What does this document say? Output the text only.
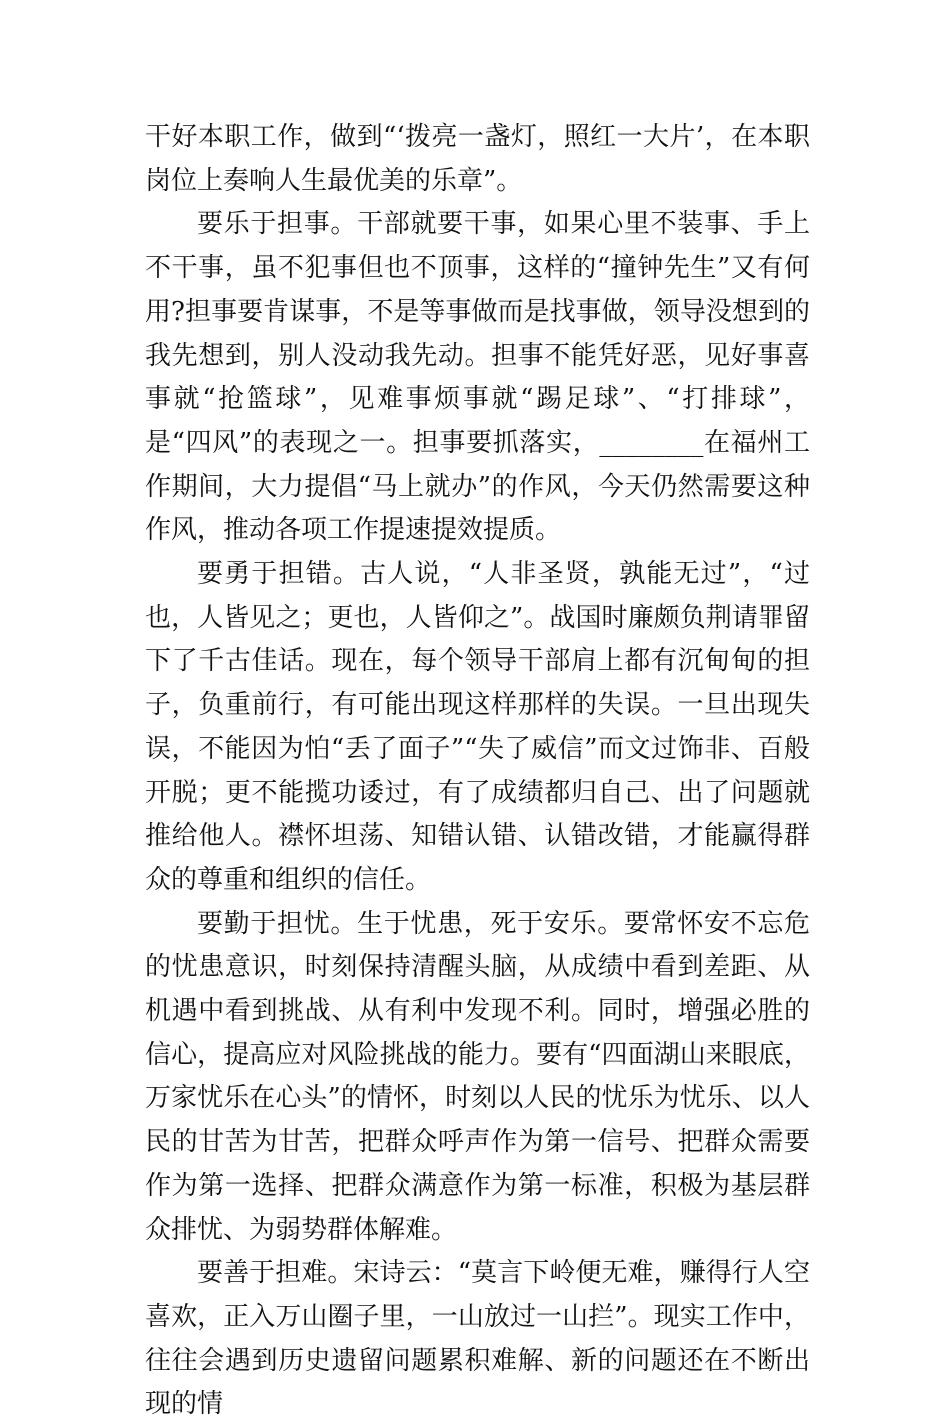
干好本职工作，做到“‘拨亮一盏灯，照红一大片’，在本职岗位上奏响人生最优美的乐章”。

要乐于担事。干部就要干事，如果心里不装事、手上不干事，虽不犯事但也不顶事，这样的“撞钟先生”又有何用?担事要肯谋事，不是等事做而是找事做，领导没想到的我先想到，别人没动我先动。担事不能凭好恶，见好事喜事就“抢篮球”，见难事烦事就“踢足球”、“打排球”，是“四风”的表现之一。担事要抓落实，________在福州工作期间，大力提倡“马上就办”的作风，今天仍然需要这种作风，推动各项工作提速提效提质。

要勇于担错。古人说，“人非圣贤，孰能无过”，“过也，人皆见之；更也，人皆仰之”。战国时廉颇负荆请罪留下了千古佳话。现在，每个领导干部肩上都有沉甸甸的担子，负重前行，有可能出现这样那样的失误。一旦出现失误，不能因为怕“丢了面子”“失了威信”而文过饰非、百般开脱；更不能揽功诿过，有了成绩都归自己、出了问题就推给他人。襟怀坦荡、知错认错、认错改错，才能赢得群众的尊重和组织的信任。

要勤于担忧。生于忧患，死于安乐。要常怀安不忘危的忧患意识，时刻保持清醒头脑，从成绩中看到差距、从机遇中看到挑战、从有利中发现不利。同时，增强必胜的信心，提高应对风险挑战的能力。要有“四面湖山来眼底，万家忧乐在心头”的情怀，时刻以人民的忧乐为忧乐、以人民的甘苦为甘苦，把群众呼声作为第一信号、把群众需要作为第一选择、把群众满意作为第一标准，积极为基层群众排忧、为弱势群体解难。

要善于担难。宋诗云：“莫言下岭便无难，赚得行人空喜欢，正入万山圈子里，一山放过一山拦”。现实工作中，往往会遇到历史遗留问题累积难解、新的问题还在不断出现的情
